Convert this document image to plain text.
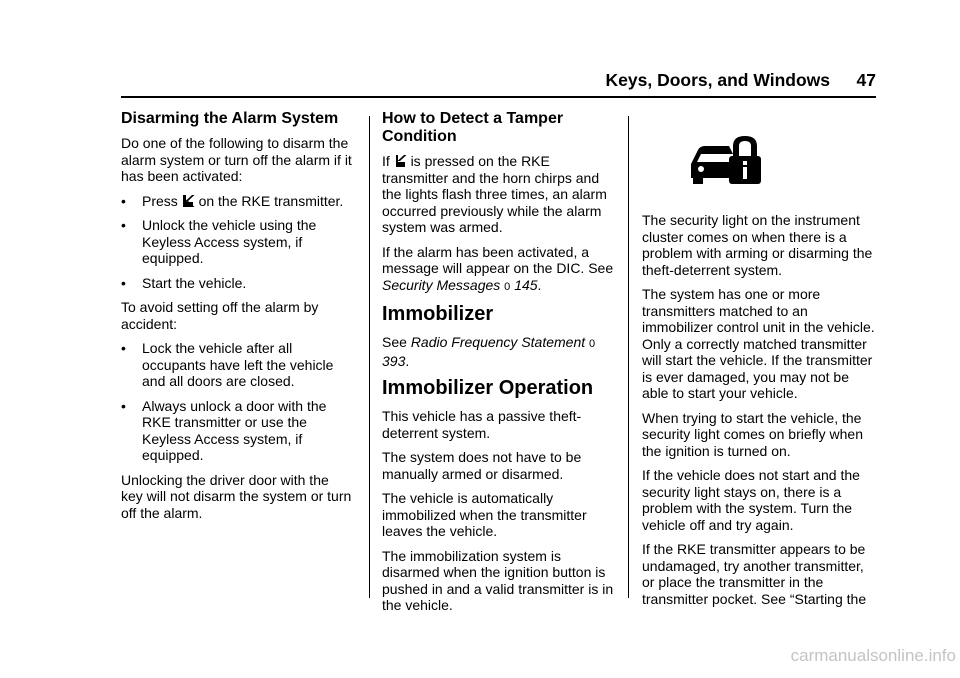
Keys, Doors, and Windows	47
Disarming the Alarm System

Do one of the following to disarm the alarm system or turn off the alarm if it has been activated:

•	Press on the RKE transmitter.
•	Unlock the vehicle using the Keyless Access system, if equipped.
•	Start the vehicle.

To avoid setting off the alarm by accident:

•	Lock the vehicle after all occupants have left the vehicle and all doors are closed.
•	Always unlock a door with the RKE transmitter or use the Keyless Access system, if equipped.

Unlocking the driver door with the key will not disarm the system or turn off the alarm.

How to Detect a Tamper Condition

If is pressed on the RKE transmitter and the horn chirps and the lights flash three times, an alarm occurred previously while the alarm system was armed.

If the alarm has been activated, a message will appear on the DIC. See Security Messages 0 145.

Immobilizer

See Radio Frequency Statement 0 393.

Immobilizer Operation

This vehicle has a passive theft-deterrent system.

The system does not have to be manually armed or disarmed.

The vehicle is automatically immobilized when the transmitter leaves the vehicle.

The immobilization system is disarmed when the ignition button is pushed in and a valid transmitter is in the vehicle.

The security light on the instrument cluster comes on when there is a problem with arming or disarming the theft-deterrent system.

The system has one or more transmitters matched to an immobilizer control unit in the vehicle. Only a correctly matched transmitter will start the vehicle. If the transmitter is ever damaged, you may not be able to start your vehicle.

When trying to start the vehicle, the security light comes on briefly when the ignition is turned on.

If the vehicle does not start and the security light stays on, there is a problem with the system. Turn the vehicle off and try again.

If the RKE transmitter appears to be undamaged, try another transmitter, or place the transmitter in the transmitter pocket. See “Starting the

carmanualsonline.info
